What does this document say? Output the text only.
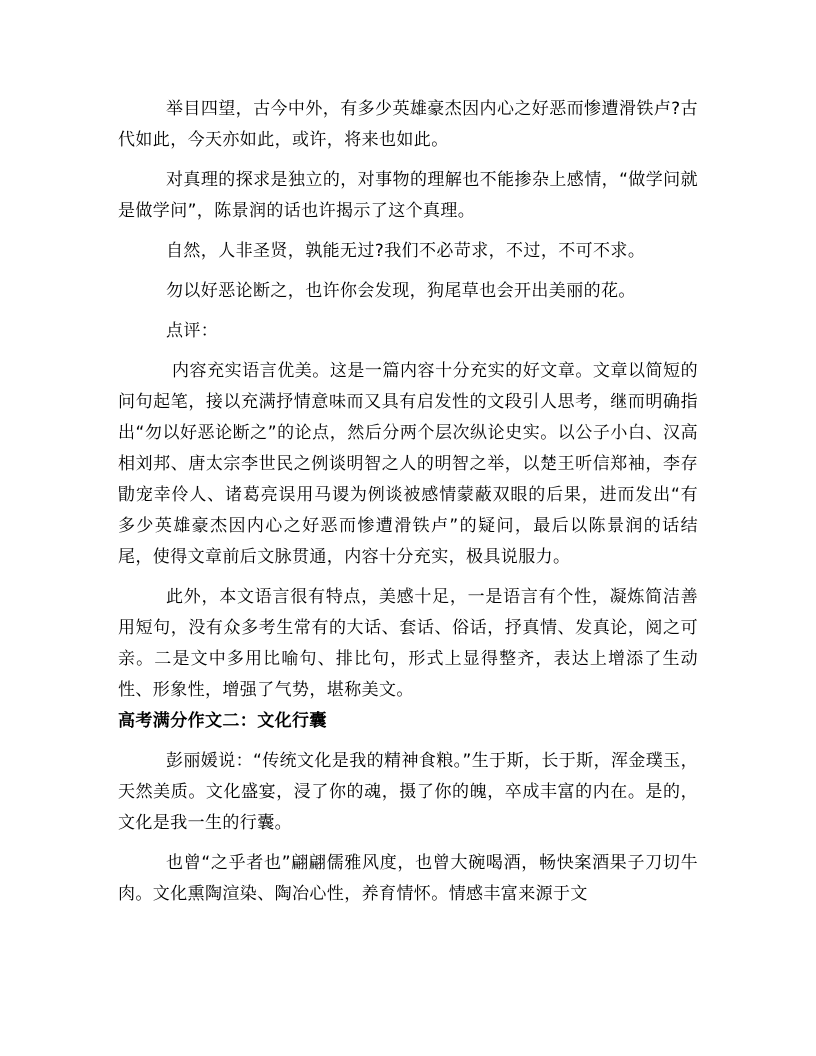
举目四望，古今中外，有多少英雄豪杰因内心之好恶而惨遭滑铁卢?古代如此，今天亦如此，或许，将来也如此。

对真理的探求是独立的，对事物的理解也不能掺杂上感情，“做学问就是做学问”，陈景润的话也许揭示了这个真理。

自然，人非圣贤，孰能无过?我们不必苛求，不过，不可不求。

勿以好恶论断之，也许你会发现，狗尾草也会开出美丽的花。

点评：

内容充实语言优美。这是一篇内容十分充实的好文章。文章以简短的问句起笔，接以充满抒情意味而又具有启发性的文段引人思考，继而明确指出“勿以好恶论断之”的论点，然后分两个层次纵论史实。以公子小白、汉高相刘邦、唐太宗李世民之例谈明智之人的明智之举，以楚王听信郑袖，李存勖宠幸伶人、诸葛亮误用马谡为例谈被感情蒙蔽双眼的后果，进而发出“有多少英雄豪杰因内心之好恶而惨遭滑铁卢”的疑问，最后以陈景润的话结尾，使得文章前后文脉贯通，内容十分充实，极具说服力。

此外，本文语言很有特点，美感十足，一是语言有个性，凝炼简洁善用短句，没有众多考生常有的大话、套话、俗话，抒真情、发真论，阅之可亲。二是文中多用比喻句、排比句，形式上显得整齐，表达上增添了生动性、形象性，增强了气势，堪称美文。

高考满分作文二：文化行囊

彭丽媛说：“传统文化是我的精神食粮。”生于斯，长于斯，浑金璞玉，天然美质。文化盛宴，浸了你的魂，摄了你的魄，卒成丰富的内在。是的，文化是我一生的行囊。

也曾“之乎者也”翩翩儒雅风度，也曾大碗喝酒，畅快案酒果子刀切牛肉。文化熏陶渲染、陶冶心性，养育情怀。情感丰富来源于文
